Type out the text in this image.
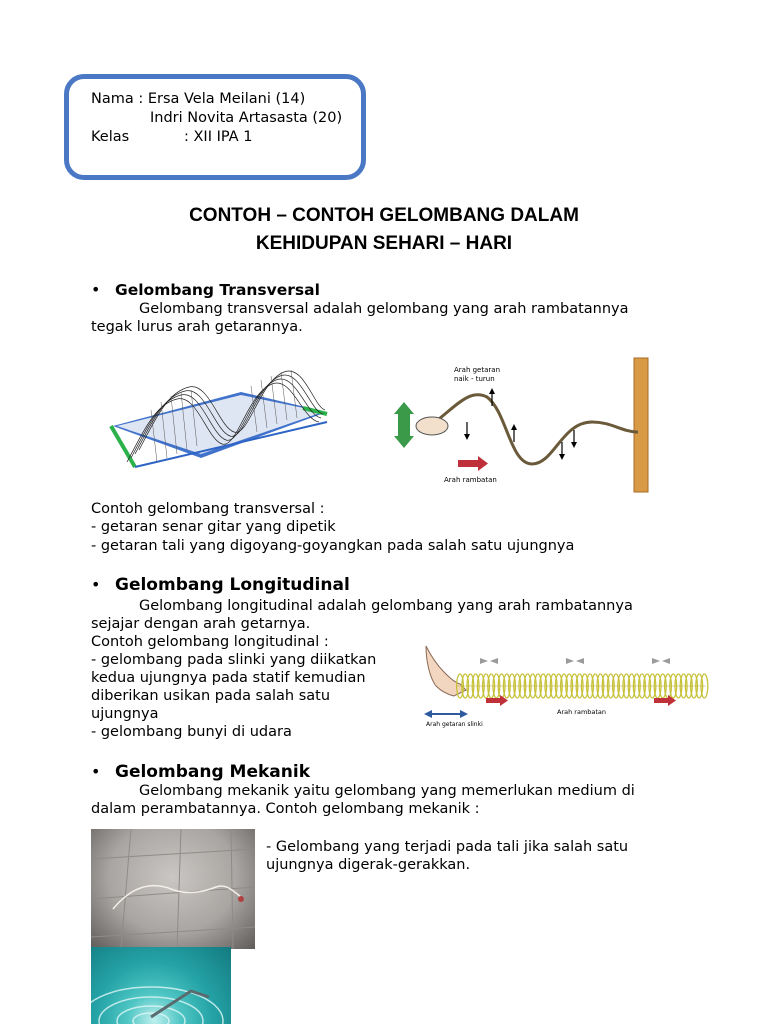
Nama : Ersa Vela Meilani (14)
Indri Novita Artasasta (20)
Kelas	: XII IPA 1
CONTOH – CONTOH GELOMBANG DALAM
KEHIDUPAN SEHARI – HARI
• Gelombang Transversal
Gelombang transversal adalah gelombang yang arah rambatannya
tegak lurus arah getarannya.
Arah getaran
naik - turun
Arah rambatan
Contoh gelombang transversal :
- getaran senar gitar yang dipetik
- getaran tali yang digoyang-goyangkan pada salah satu ujungnya
• Gelombang Longitudinal
Gelombang longitudinal adalah gelombang yang arah rambatannya
sejajar dengan arah getarnya.
Contoh gelombang longitudinal :
- gelombang pada slinki yang diikatkan
kedua ujungnya pada statif kemudian
diberikan usikan pada salah satu
ujungnya
- gelombang bunyi di udara	Arah getaran slinki
Arah rambatan
• Gelombang Mekanik
Gelombang mekanik yaitu gelombang yang memerlukan medium di
dalam perambatannya. Contoh gelombang mekanik :
- Gelombang yang terjadi pada tali jika salah satu
ujungnya digerak-gerakkan.
